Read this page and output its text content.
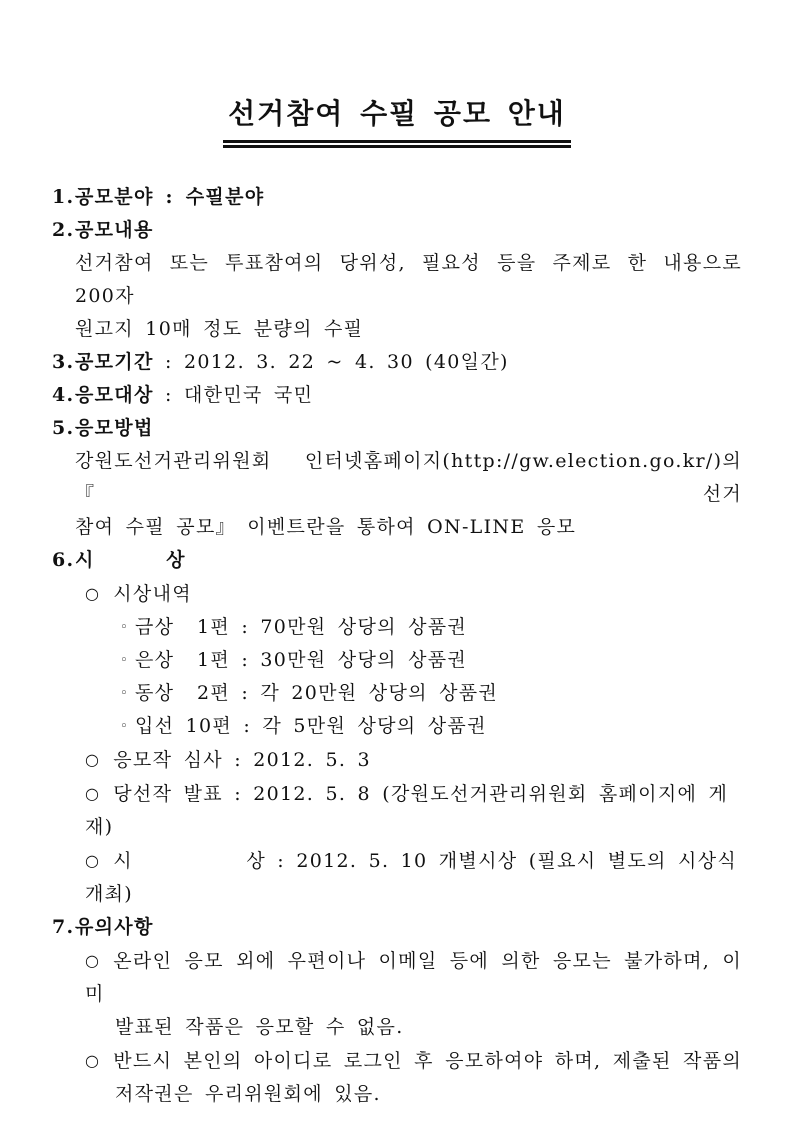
선거참여 수필 공모 안내
1.공모분야 : 수필분야
2.공모내용
선거참여 또는 투표참여의 당위성, 필요성 등을 주제로 한 내용으로 200자
원고지 10매 정도 분량의 수필
3.공모기간 : 2012. 3. 22 ~ 4. 30 (40일간)
4.응모대상 : 대한민국 국민
5.응모방법
강원도선거관리위원회 인터넷홈페이지(http://gw.election.go.kr/)의 『선거
참여 수필 공모』 이벤트란을 통하여 ON-LINE 응모
6.시      상
○ 시상내역
◦ 금상  1편 : 70만원 상당의 상품권
◦ 은상  1편 : 30만원 상당의 상품권
◦ 동상  2편 : 각 20만원 상당의 상품권
◦ 입선 10편 : 각 5만원 상당의 상품권
○ 응모작 심사 : 2012. 5. 3
○ 당선작 발표 : 2012. 5. 8 (강원도선거관리위원회 홈페이지에 게재)
○ 시          상 : 2012. 5. 10 개별시상 (필요시 별도의 시상식 개최)
7.유의사항
○ 온라인 응모 외에 우편이나 이메일 등에 의한 응모는 불가하며, 이미
발표된 작품은 응모할 수 없음.
○ 반드시 본인의 아이디로 로그인 후 응모하여야 하며, 제출된 작품의
저작권은 우리위원회에 있음.
